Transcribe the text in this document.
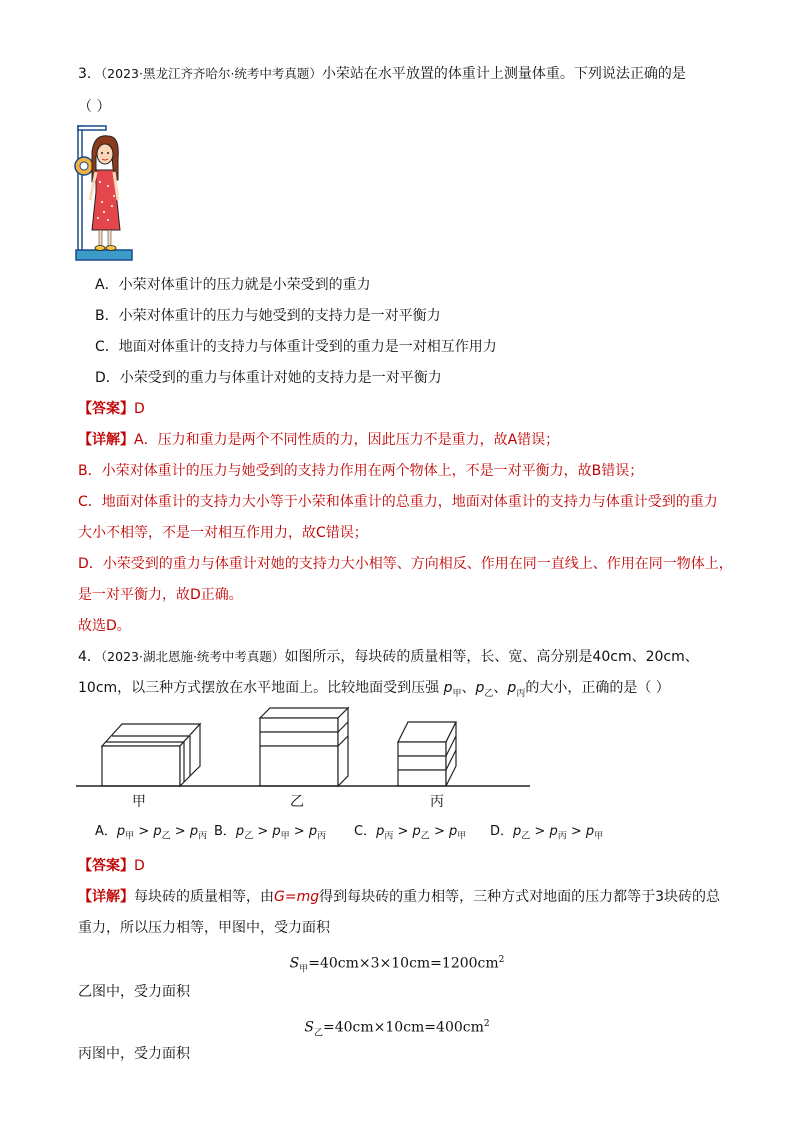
3．（2023·黑龙江齐齐哈尔·统考中考真题）小荣站在水平放置的体重计上测量体重。下列说法正确的是
（ ）
A．小荣对体重计的压力就是小荣受到的重力
B．小荣对体重计的压力与她受到的支持力是一对平衡力
C．地面对体重计的支持力与体重计受到的重力是一对相互作用力
D．小荣受到的重力与体重计对她的支持力是一对平衡力
【答案】D
【详解】A．压力和重力是两个不同性质的力，因此压力不是重力，故A错误；
B．小荣对体重计的压力与她受到的支持力作用在两个物体上，不是一对平衡力，故B错误；
C．地面对体重计的支持力大小等于小荣和体重计的总重力，地面对体重计的支持力与体重计受到的重力
大小不相等，不是一对相互作用力，故C错误；
D．小荣受到的重力与体重计对她的支持力大小相等、方向相反、作用在同一直线上、作用在同一物体上，
是一对平衡力，故D正确。
故选D。
4．（2023·湖北恩施·统考中考真题）如图所示，每块砖的质量相等，长、宽、高分别是40cm、20cm、
10cm，以三种方式摆放在水平地面上。比较地面受到压强 $p_甲$、$p_乙$、$p_丙$的大小，正确的是（ ）
甲	乙	丙
A．$p_甲 > p_乙 > p_丙$ B．$p_乙 > p_甲 > p_丙$ C．$p_丙 > p_乙 > p_甲$ D．$p_乙 > p_丙 > p_甲$
【答案】D
【详解】每块砖的质量相等，由G=mg得到每块砖的重力相等，三种方式对地面的压力都等于3块砖的总
重力，所以压力相等，甲图中，受力面积
$S_甲=40cm\times 3\times 10cm=1200cm^2$
乙图中，受力面积
$S_乙=40cm\times 10cm=400cm^2$
丙图中，受力面积
